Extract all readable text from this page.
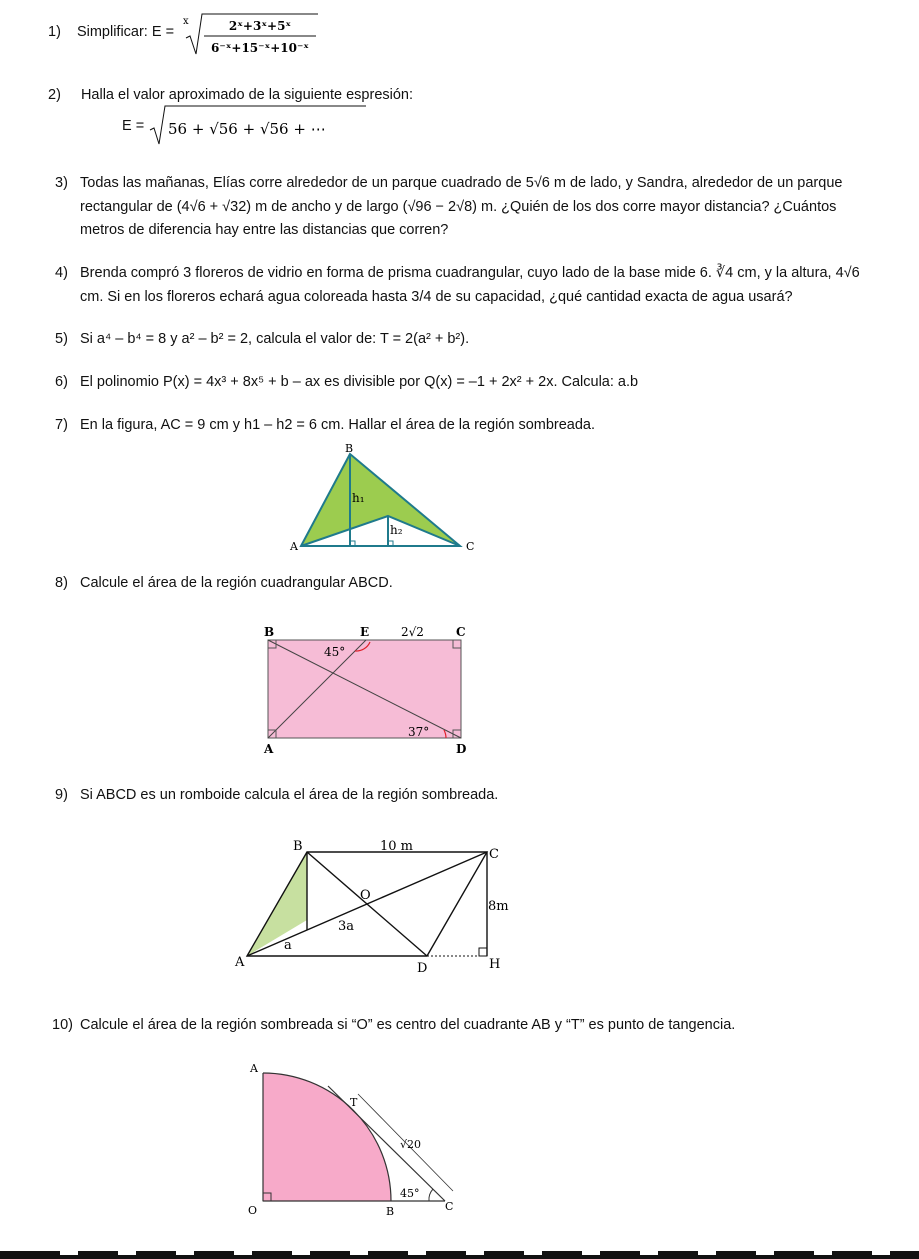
1) Simplificar: E =
x	2ˣ+3ˣ+5ˣ
6⁻ˣ+15⁻ˣ+10⁻ˣ
2) Halla el valor aproximado de la siguiente espresión:
E = 56 + √56 + √56 + ⋯
3) Todas las mañanas, Elías corre alrededor de un parque cuadrado de 5√6 m de lado, y Sandra, alrededor de un parque
rectangular de (4√6 + √32) m de ancho y de largo (√96 − 2√8) m. ¿Quién de los dos corre mayor distancia? ¿Cuántos
metros de diferencia hay entre las distancias que corren?
4) Brenda compró 3 floreros de vidrio en forma de prisma cuadrangular, cuyo lado de la base mide 6. ∛4 cm, y la altura, 4√6
cm. Si en los floreros echará agua coloreada hasta 3/4 de su capacidad, ¿qué cantidad exacta de agua usará?
5) Si a⁴ – b⁴ = 8 y a² – b² = 2, calcula el valor de: T = 2(a² + b²).
6) El polinomio P(x) = 4x³ + 8x⁵ + b – ax es divisible por Q(x) = –1 + 2x² + 2x. Calcula: a.b
7) En la figura, AC = 9 cm y h1 – h2 = 6 cm. Hallar el área de la región sombreada.
B
A	C
h₁
h₂
8) Calcule el área de la región cuadrangular ABCD.
B	E	2√2	C
A	D
45°
37°
9) Si ABCD es un romboide calcula el área de la región sombreada.
B	10 m
C
A	D	H
8m
O
3a
a
10) Calcule el área de la región sombreada si “O” es centro del cuadrante AB y “T” es punto de tangencia.
A
T
O	B	C
√20
45°
